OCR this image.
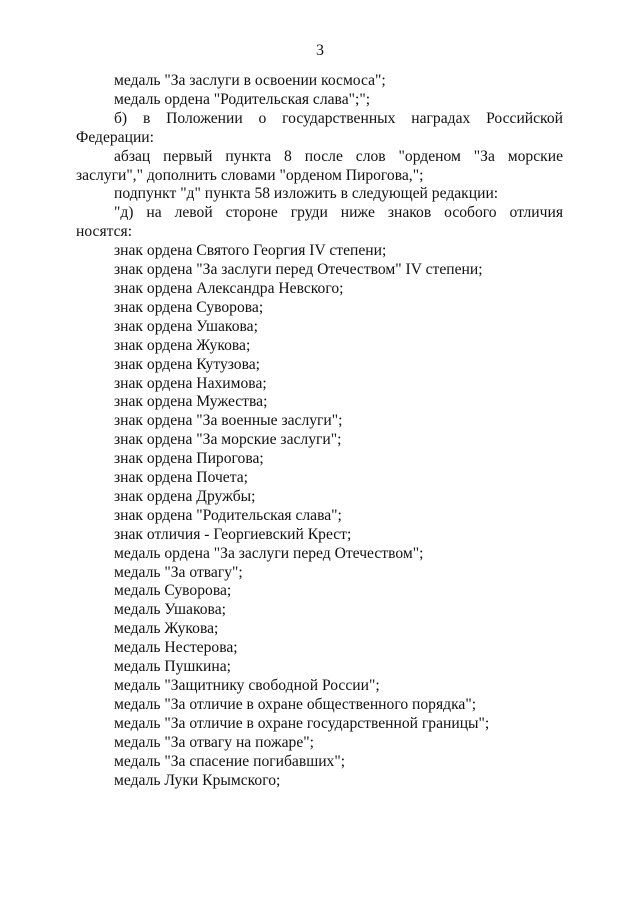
3

медаль "За заслуги в освоении космоса";

медаль ордена "Родительская слава";";

б) в Положении о государственных наградах Российской

Федерации:

абзац первый пункта 8 после слов "орденом "За морские

заслуги"," дополнить словами "орденом Пирогова,";

подпункт "д" пункта 58 изложить в следующей редакции:

"д) на левой стороне груди ниже знаков особого отличия

носятся:

знак ордена Святого Георгия IV степени;

знак ордена "За заслуги перед Отечеством" IV степени;

знак ордена Александра Невского;

знак ордена Суворова;

знак ордена Ушакова;

знак ордена Жукова;

знак ордена Кутузова;

знак ордена Нахимова;

знак ордена Мужества;

знак ордена "За военные заслуги";

знак ордена "За морские заслуги";

знак ордена Пирогова;

знак ордена Почета;

знак ордена Дружбы;

знак ордена "Родительская слава";

знак отличия - Георгиевский Крест;

медаль ордена "За заслуги перед Отечеством";

медаль "За отвагу";

медаль Суворова;

медаль Ушакова;

медаль Жукова;

медаль Нестерова;

медаль Пушкина;

медаль "Защитнику свободной России";

медаль "За отличие в охране общественного порядка";

медаль "За отличие в охране государственной границы";

медаль "За отвагу на пожаре";

медаль "За спасение погибавших";

медаль Луки Крымского;
